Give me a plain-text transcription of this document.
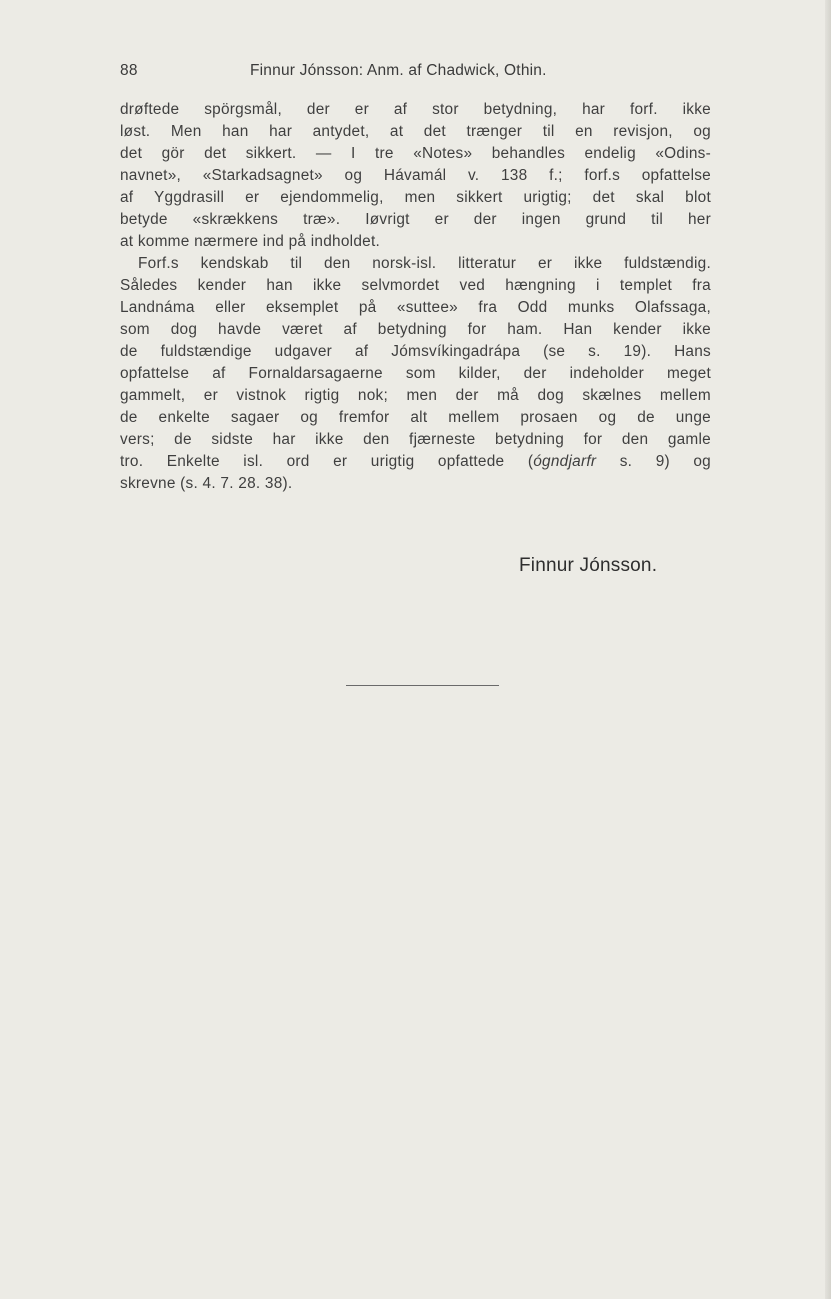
88	Finnur Jónsson: Anm. af Chadwick, Othin.
drøftede spörgsmål, der er af stor betydning, har forf. ikke
løst. Men han har antydet, at det trænger til en revisjon, og
det gör det sikkert. — I tre «Notes» behandles endelig «Odins-
navnet», «Starkadsagnet» og Hávamál v. 138 f.; forf.s opfattelse
af Yggdrasill er ejendommelig, men sikkert urigtig; det skal blot
betyde «skrækkens træ». Iøvrigt er der ingen grund til her
at komme nærmere ind på indholdet.
Forf.s kendskab til den norsk-isl. litteratur er ikke fuldstændig.
Således kender han ikke selvmordet ved hængning i templet fra
Landnáma eller eksemplet på «suttee» fra Odd munks Olafssaga,
som dog havde været af betydning for ham. Han kender ikke
de fuldstændige udgaver af Jómsvíkingadrápa (se s. 19). Hans
opfattelse af Fornaldarsagaerne som kilder, der indeholder meget
gammelt, er vistnok rigtig nok; men der må dog skælnes mellem
de enkelte sagaer og fremfor alt mellem prosaen og de unge
vers; de sidste har ikke den fjærneste betydning for den gamle
tro. Enkelte isl. ord er urigtig opfattede (ógndjarfr s. 9) og
skrevne (s. 4. 7. 28. 38).
Finnur Jónsson.
